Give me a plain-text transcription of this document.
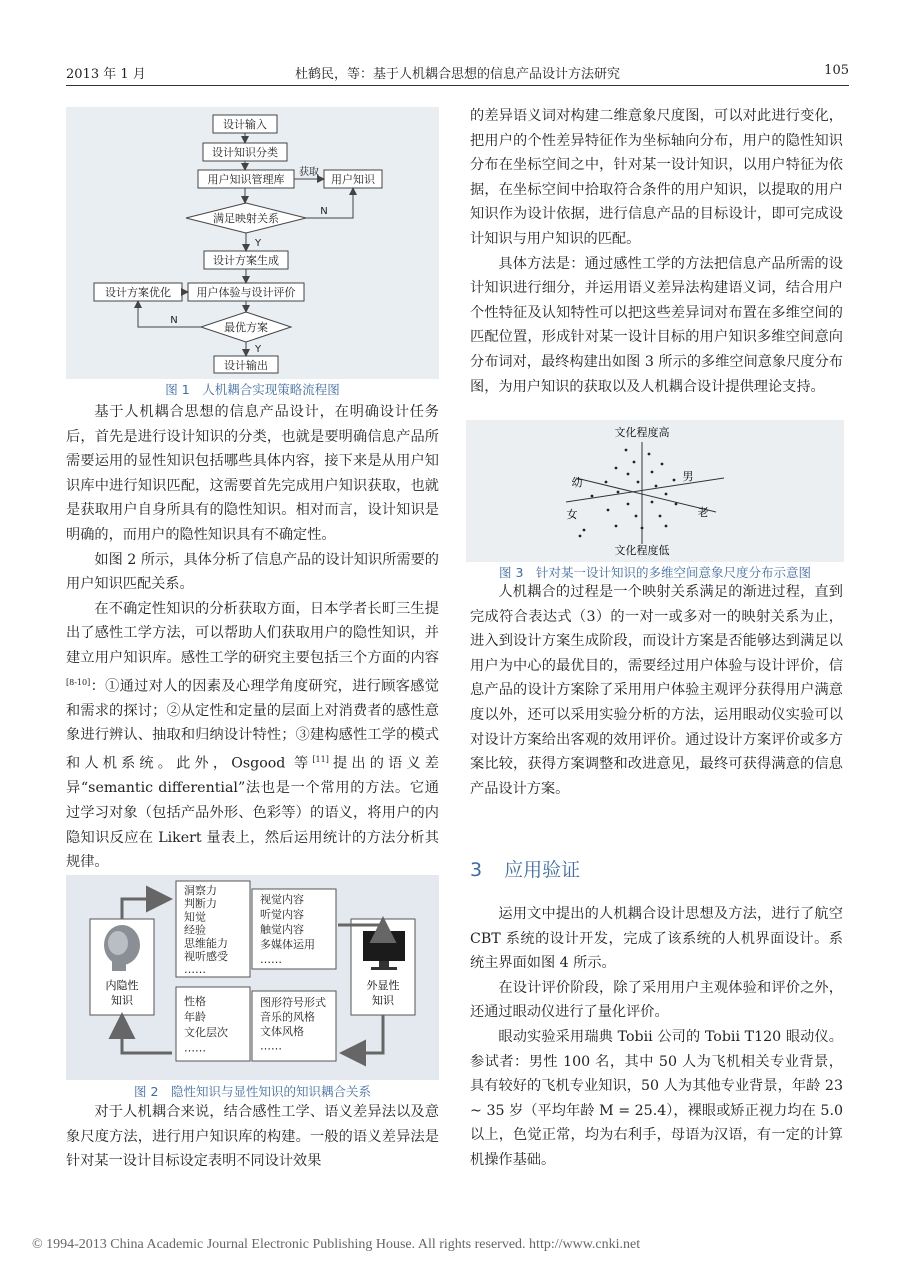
2013 年 1 月	杜鹤民，等：基于人机耦合思想的信息产品设计方法研究	105
设计输入
设计知识分类
用户知识管理库
获取
用户知识
满足映射关系
N
Y
设计方案生成
设计方案优化 用户体验与设计评价
N
最优方案
Y
设计输出
图 1　人机耦合实现策略流程图

基于人机耦合思想的信息产品设计，在明确设计任务后，首先是进行设计知识的分类，也就是要明确信息产品所需要运用的显性知识包括哪些具体内容，接下来是从用户知识库中进行知识匹配，这需要首先完成用户知识获取，也就是获取用户自身所具有的隐性知识。相对而言，设计知识是明确的，而用户的隐性知识具有不确定性。

如图 2 所示，具体分析了信息产品的设计知识所需要的用户知识匹配关系。

在不确定性知识的分析获取方面，日本学者长町三生提出了感性工学方法，可以帮助人们获取用户的隐性知识，并建立用户知识库。感性工学的研究主要包括三个方面的内容[8-10]：①通过对人的因素及心理学角度研究，进行顾客感觉和需求的探讨；②从定性和定量的层面上对消费者的感性意象进行辨认、抽取和归纳设计特性；③建构感性工学的模式和人机系统。此外，Osgood 等[11]提出的语义差异“semantic differential”法也是一个常用的方法。它通过学习对象（包括产品外形、色彩等）的语义，将用户的内隐知识反应在 Likert 量表上，然后运用统计的方法分析其规律。

内隐性
知识
外显性
知识
洞察力
判断力
知觉
经验
思维能力
视听感受
……
视觉内容
听觉内容
触觉内容
多媒体运用
……
性格
年龄
文化层次
……
图形符号形式
音乐的风格
文体风格
……
图 2　隐性知识与显性知识的知识耦合关系

对于人机耦合来说，结合感性工学、语义差异法以及意象尺度方法，进行用户知识库的构建。一般的语义差异法是针对某一设计目标设定表明不同设计效果

的差异语义词对构建二维意象尺度图，可以对此进行变化，把用户的个性差异特征作为坐标轴向分布，用户的隐性知识分布在坐标空间之中，针对某一设计知识，以用户特征为依据，在坐标空间中拾取符合条件的用户知识，以提取的用户知识作为设计依据，进行信息产品的目标设计，即可完成设计知识与用户知识的匹配。

具体方法是：通过感性工学的方法把信息产品所需的设计知识进行细分，并运用语义差异法构建语义词，结合用户个性特征及认知特性可以把这些差异词对布置在多维空间的匹配位置，形成针对某一设计目标的用户知识多维空间意向分布词对，最终构建出如图 3 所示的多维空间意象尺度分布图，为用户知识的获取以及人机耦合设计提供理论支持。

文化程度高
文化程度低
幼
女
男
老
图 3　针对某一设计知识的多维空间意象尺度分布示意图

人机耦合的过程是一个映射关系满足的渐进过程，直到完成符合表达式（3）的一对一或多对一的映射关系为止，进入到设计方案生成阶段，而设计方案是否能够达到满足以用户为中心的最优目的，需要经过用户体验与设计评价，信息产品的设计方案除了采用用户体验主观评分获得用户满意度以外，还可以采用实验分析的方法，运用眼动仪实验可以对设计方案给出客观的效用评价。通过设计方案评价或多方案比较，获得方案调整和改进意见，最终可获得满意的信息产品设计方案。

3 应用验证

运用文中提出的人机耦合设计思想及方法，进行了航空 CBT 系统的设计开发，完成了该系统的人机界面设计。系统主界面如图 4 所示。

在设计评价阶段，除了采用用户主观体验和评价之外，还通过眼动仪进行了量化评价。

眼动实验采用瑞典 Tobii 公司的 Tobii T120 眼动仪。参试者：男性 100 名，其中 50 人为飞机相关专业背景，具有较好的飞机专业知识，50 人为其他专业背景，年龄 23 ~ 35 岁（平均年龄 M = 25.4），裸眼或矫正视力均在 5.0 以上，色觉正常，均为右利手，母语为汉语，有一定的计算机操作基础。

© 1994-2013 China Academic Journal Electronic Publishing House. All rights reserved. http://www.cnki.net
